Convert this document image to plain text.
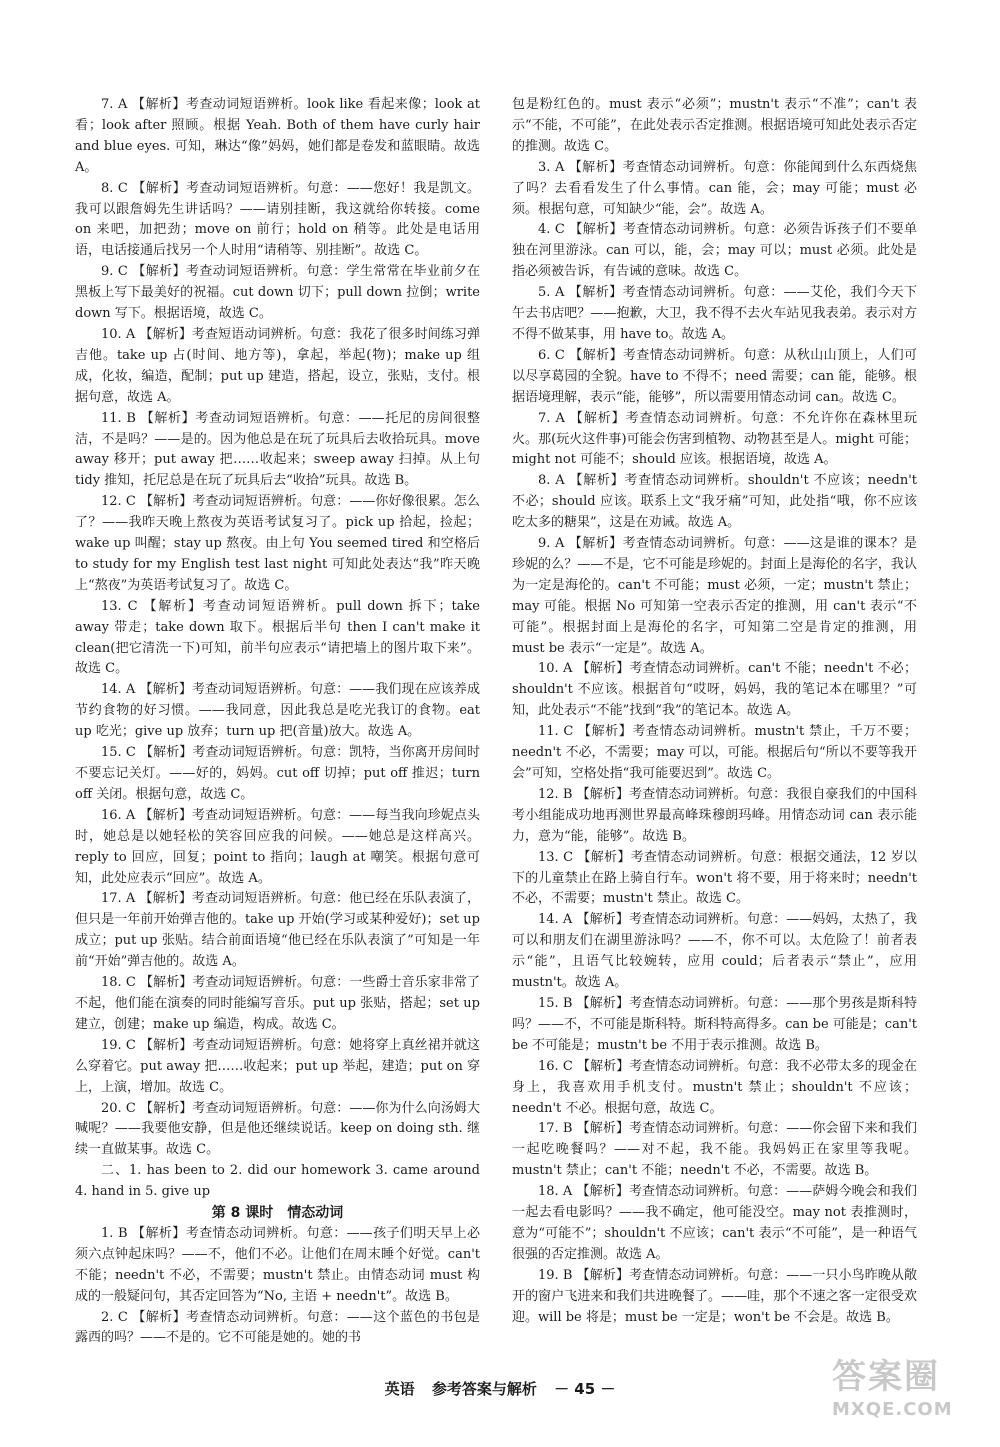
7. A 【解析】考查动词短语辨析。look like 看起来像；look at 看；look after 照顾。根据 Yeah. Both of them have curly hair and blue eyes. 可知，琳达“像”妈妈，她们都是卷发和蓝眼睛。故选 A。

8. C 【解析】考查动词短语辨析。句意：——您好！我是凯文。我可以跟詹姆先生讲话吗？——请别挂断，我这就给你转接。come on 来吧，加把劲；move on 前行；hold on 稍等。此处是电话用语，电话接通后找另一个人时用“请稍等、别挂断”。故选 C。

9. C 【解析】考查动词短语辨析。句意：学生常常在毕业前夕在黑板上写下最美好的祝福。cut down 切下；pull down 拉倒；write down 写下。根据语境，故选 C。

10. A 【解析】考查短语动词辨析。句意：我花了很多时间练习弹吉他。take up 占(时间、地方等)，拿起，举起(物)；make up 组成，化妆，编造，配制；put up 建造，搭起，设立，张贴，支付。根据句意，故选 A。

11. B 【解析】考查动词短语辨析。句意：——托尼的房间很整洁，不是吗？——是的。因为他总是在玩了玩具后去收拾玩具。move away 移开；put away 把……收起来；sweep away 扫掉。从上句 tidy 推知，托尼总是在玩了玩具后去“收拾”玩具。故选 B。

12. C 【解析】考查动词短语辨析。句意：——你好像很累。怎么了？——我昨天晚上熬夜为英语考试复习了。pick up 拾起，捡起；wake up 叫醒；stay up 熬夜。由上句 You seemed tired 和空格后 to study for my English test last night 可知此处表达“我”昨天晚上“熬夜”为英语考试复习了。故选 C。

13. C 【解析】考查动词短语辨析。pull down 拆下；take away 带走；take down 取下。根据后半句 then I can't make it clean(把它清洗一下)可知，前半句应表示“请把墙上的图片取下来”。故选 C。

14. A 【解析】考查动词短语辨析。句意：——我们现在应该养成节约食物的好习惯。——我同意，因此我总是吃光我订的食物。eat up 吃光；give up 放弃；turn up 把(音量)放大。故选 A。

15. C 【解析】考查动词短语辨析。句意：凯特，当你离开房间时不要忘记关灯。——好的，妈妈。cut off 切掉；put off 推迟；turn off 关闭。根据句意，故选 C。

16. A 【解析】考查动词短语辨析。句意：——每当我向珍妮点头时，她总是以她轻松的笑容回应我的问候。——她总是这样高兴。reply to 回应，回复；point to 指向；laugh at 嘲笑。根据句意可知，此处应表示“回应”。故选 A。

17. A 【解析】考查动词短语辨析。句意：他已经在乐队表演了，但只是一年前开始弹吉他的。take up 开始(学习或某种爱好)；set up 成立；put up 张贴。结合前面语境“他已经在乐队表演了”可知是一年前“开始”弹吉他的。故选 A。

18. C 【解析】考查动词短语辨析。句意：一些爵士音乐家非常了不起，他们能在演奏的同时能编写音乐。put up 张贴，搭起；set up 建立，创建；make up 编造，构成。故选 C。

19. C 【解析】考查动词短语辨析。句意：她将穿上真丝裙并就这么穿着它。put away 把……收起来；put up 举起，建造；put on 穿上，上演，增加。故选 C。

20. C 【解析】考查动词短语辨析。句意：——你为什么向汤姆大喊呢？——我要他安静，但是他还继续说话。keep on doing sth. 继续一直做某事。故选 C。

二、1. has been to 2. did our homework 3. came around 4. hand in 5. give up

第 8 课时　情态动词

1. B 【解析】考查情态动词辨析。句意：——孩子们明天早上必须六点钟起床吗？——不，他们不必。让他们在周末睡个好觉。can't 不能；needn't 不必，不需要；mustn't 禁止。由情态动词 must 构成的一般疑问句，其否定回答为“No, 主语 + needn't”。故选 B。

2. C 【解析】考查情态动词辨析。句意：——这个蓝色的书包是露西的吗？——不是的。它不可能是她的。她的书

包是粉红色的。must 表示“必须”；mustn't 表示“不准”；can't 表示“不能，不可能”，在此处表示否定推测。根据语境可知此处表示否定的推测。故选 C。

3. A 【解析】考查情态动词辨析。句意：你能闻到什么东西烧焦了吗？去看看发生了什么事情。can 能，会；may 可能；must 必须。根据句意，可知缺少“能，会”。故选 A。

4. C 【解析】考查情态动词辨析。句意：必须告诉孩子们不要单独在河里游泳。can 可以，能，会；may 可以；must 必须。此处是指必须被告诉，有告诫的意味。故选 C。

5. A 【解析】考查情态动词辨析。句意：——艾伦，我们今天下午去书店吧？——抱歉，大卫，我不得不去火车站见我表弟。表示对方不得不做某事，用 have to。故选 A。

6. C 【解析】考查情态动词辨析。句意：从秋山山顶上，人们可以尽享葛园的全貌。have to 不得不；need 需要；can 能，能够。根据语境理解，表示“能，能够”，所以需要用情态动词 can。故选 C。

7. A 【解析】考查情态动词辨析。句意：不允许你在森林里玩火。那(玩火这件事)可能会伤害到植物、动物甚至是人。might 可能；might not 可能不；should 应该。根据语境，故选 A。

8. A 【解析】考查情态动词辨析。shouldn't 不应该；needn't 不必；should 应该。联系上文“我牙痛”可知，此处指“哦，你不应该吃太多的糖果”，这是在劝诫。故选 A。

9. A 【解析】考查情态动词辨析。句意：——这是谁的课本？是珍妮的么？——不是，它不可能是珍妮的。封面上是海伦的名字，我认为一定是海伦的。can't 不可能；must 必须，一定；mustn't 禁止；may 可能。根据 No 可知第一空表示否定的推测，用 can't 表示“不可能”。根据封面上是海伦的名字，可知第二空是肯定的推测，用 must be 表示“一定是”。故选 A。

10. A 【解析】考查情态动词辨析。can't 不能；needn't 不必；shouldn't 不应该。根据首句“哎呀，妈妈，我的笔记本在哪里？”可知，此处表示“不能”找到“我”的笔记本。故选 A。

11. C 【解析】考查情态动词辨析。mustn't 禁止，千万不要；needn't 不必，不需要；may 可以，可能。根据后句“所以不要等我开会”可知，空格处指“我可能要迟到”。故选 C。

12. B 【解析】考查情态动词辨析。句意：我很自豪我们的中国科考小组能成功地再测世界最高峰珠穆朗玛峰。用情态动词 can 表示能力，意为“能，能够”。故选 B。

13. C 【解析】考查情态动词辨析。句意：根据交通法，12 岁以下的儿童禁止在路上骑自行车。won't 将不要，用于将来时；needn't 不必，不需要；mustn't 禁止。故选 C。

14. A 【解析】考查情态动词辨析。句意：——妈妈，太热了，我可以和朋友们在湖里游泳吗？——不，你不可以。太危险了！前者表示“能”，且语气比较婉转，应用 could；后者表示“禁止”，应用 mustn't。故选 A。

15. B 【解析】考查情态动词辨析。句意：——那个男孩是斯科特吗？——不，不可能是斯科特。斯科特高得多。can be 可能是；can't be 不可能是；mustn't be 不用于表示推测。故选 B。

16. C 【解析】考查情态动词辨析。句意：我不必带太多的现金在身上，我喜欢用手机支付。mustn't 禁止；shouldn't 不应该；needn't 不必。根据句意，故选 C。

17. B 【解析】考查情态动词辨析。句意：——你会留下来和我们一起吃晚餐吗？——对不起，我不能。我妈妈正在家里等我呢。mustn't 禁止；can't 不能；needn't 不必，不需要。故选 B。

18. A 【解析】考查情态动词辨析。句意：——萨姆今晚会和我们一起去看电影吗？——我不确定，他可能没空。may not 表推测时，意为“可能不”；shouldn't 不应该；can't 表示“不可能”，是一种语气很强的否定推测。故选 A。

19. B 【解析】考查情态动词辨析。句意：——一只小鸟昨晚从敞开的窗户飞进来和我们共进晚餐了。——哇，那个不速之客一定很受欢迎。will be 将是；must be 一定是；won't be 不会是。故选 B。

英语 参考答案与解析 － 45 －	答案圈
MXQE.COM
